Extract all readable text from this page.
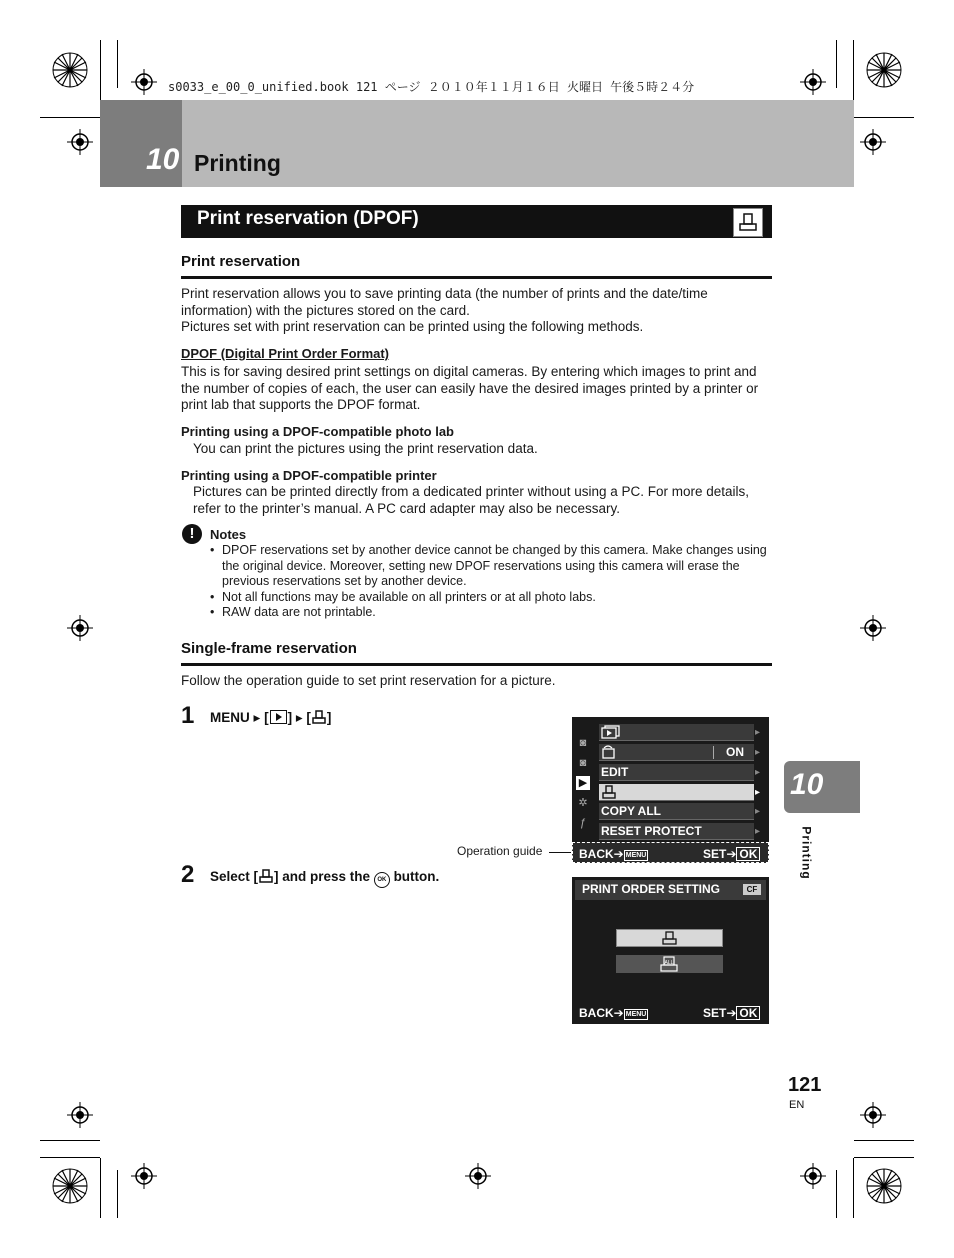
s0033_e_00_0_unified.book 121 ページ ２０１０年１１月１６日 火曜日 午後５時２４分
10 Printing
Print reservation (DPOF)
Print reservation

Print reservation allows you to save printing data (the number of prints and the date/time information) with the pictures stored on the card.

Pictures set with print reservation can be printed using the following methods.

DPOF (Digital Print Order Format)

This is for saving desired print settings on digital cameras. By entering which images to print and the number of copies of each, the user can easily have the desired images printed by a printer or print lab that supports the DPOF format.

Printing using a DPOF-compatible photo lab

You can print the pictures using the print reservation data.

Printing using a DPOF-compatible printer

Pictures can be printed directly from a dedicated printer without using a PC. For more details, refer to the printer’s manual. A PC card adapter may also be necessary.

!	Notes

• DPOF reservations set by another device cannot be changed by this camera. Make changes using the original device. Moreover, setting new DPOF reservations using this camera will erase the previous reservations set by another device.
• Not all functions may be available on all printers or at all photo labs.
• RAW data are not printable.
Single-frame reservation

Follow the operation guide to set print reservation for a picture.

1 MENU ▸ [ ] ▸ [ ]
◙
◙
▶
✲
ƒ
▸
ON ▸
EDIT	▸
▸
COPY ALL	▸
RESET PROTECT	▸
BACK➔ MENU	SET➔ OK
Operation guide
2 Select [ ] and press the OK button.
PRINT ORDER SETTING	CF
ALL
BACK➔ MENU	SET➔ OK
10
Printing
121
EN
